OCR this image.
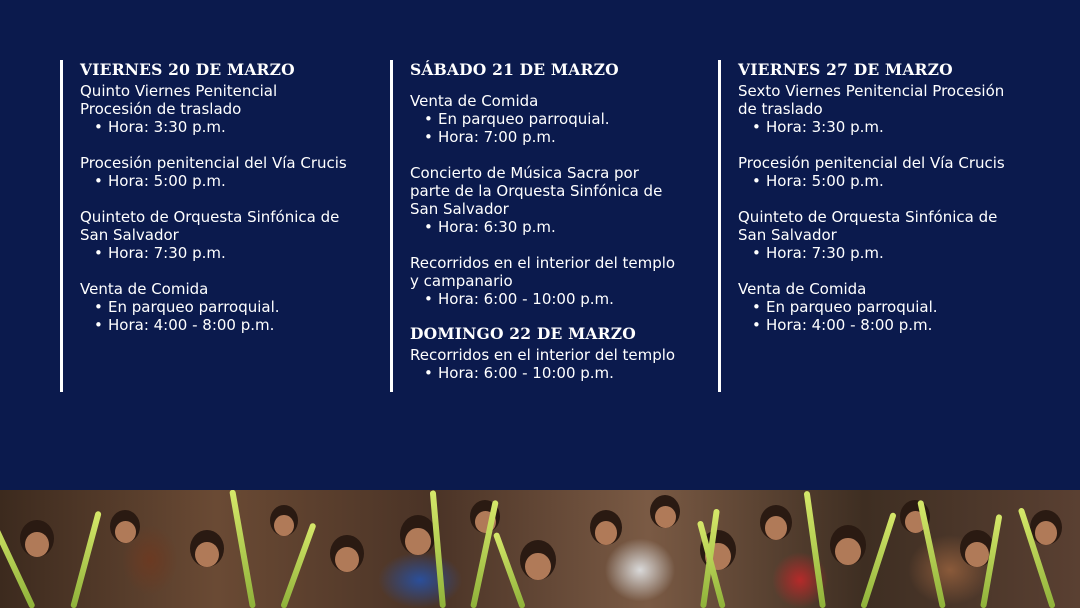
VIERNES 20 DE MARZO
Quinto Viernes Penitencial
Procesión de traslado
• Hora: 3:30 p.m.
Procesión penitencial del Vía Crucis
• Hora: 5:00 p.m.
Quinteto de Orquesta Sinfónica de
San Salvador
• Hora: 7:30 p.m.
Venta de Comida
• En parqueo parroquial.
• Hora: 4:00 - 8:00 p.m.
SÁBADO 21 DE MARZO
Venta de Comida
• En parqueo parroquial.
• Hora: 7:00 p.m.
Concierto de Música Sacra por
parte de la Orquesta Sinfónica de
San Salvador
• Hora: 6:30 p.m.
Recorridos en el interior del templo
y campanario
• Hora: 6:00 - 10:00 p.m.
DOMINGO 22 DE MARZO
Recorridos en el interior del templo
• Hora: 6:00 - 10:00 p.m.
VIERNES 27 DE MARZO
Sexto Viernes Penitencial Procesión
de traslado
• Hora: 3:30 p.m.
Procesión penitencial del Vía Crucis
• Hora: 5:00 p.m.
Quinteto de Orquesta Sinfónica de
San Salvador
• Hora: 7:30 p.m.
Venta de Comida
• En parqueo parroquial.
• Hora: 4:00 - 8:00 p.m.
